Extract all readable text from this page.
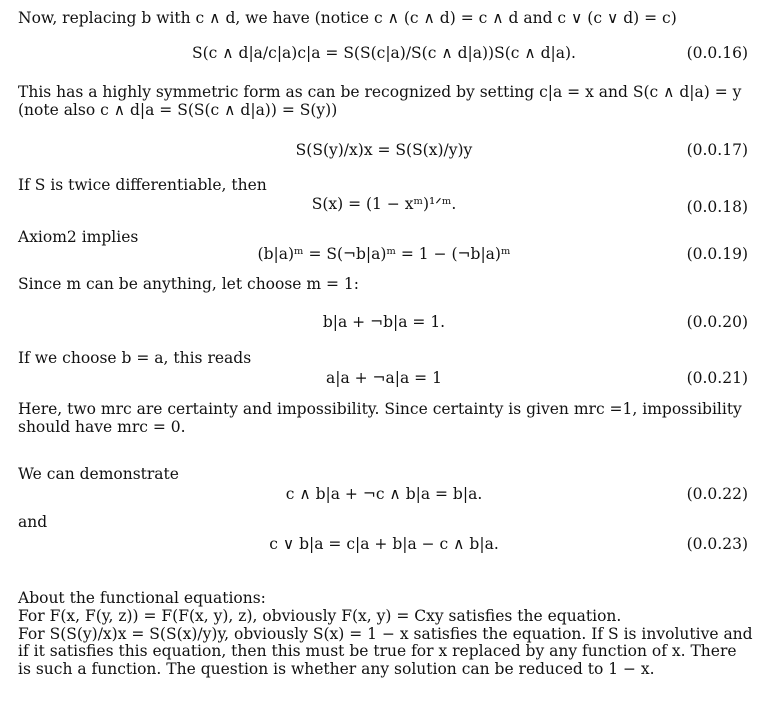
Now, replacing b with c ∧ d, we have (notice c ∧ (c ∧ d) = c ∧ d and c ∨ (c ∨ d) = c)

S(c ∧ d|a/c|a)c|a = S(S(c|a)/S(c ∧ d|a))S(c ∧ d|a).	(0.0.16)

This has a highly symmetric form as can be recognized by setting c|a = x and S(c ∧ d|a) = y (note also c ∧ d|a = S(S(c ∧ d|a)) = S(y))

S(S(y)/x)x = S(S(x)/y)y	(0.0.17)

If S is twice differentiable, then

S(x) = (1 − xᵐ)¹ᐟᵐ.	(0.0.18)

Axiom2 implies

(b|a)ᵐ = S(¬b|a)ᵐ = 1 − (¬b|a)ᵐ	(0.0.19)

Since m can be anything, let choose m = 1:

b|a + ¬b|a = 1.	(0.0.20)

If we choose b = a, this reads

a|a + ¬a|a = 1	(0.0.21)

Here, two mrc are certainty and impossibility. Since certainty is given mrc =1, impossibility should have mrc = 0.

We can demonstrate

c ∧ b|a + ¬c ∧ b|a = b|a.	(0.0.22)

and

c ∨ b|a = c|a + b|a − c ∧ b|a.	(0.0.23)

About the functional equations:
For F(x, F(y, z)) = F(F(x, y), z), obviously F(x, y) = Cxy satisfies the equation.
For S(S(y)/x)x = S(S(x)/y)y, obviously S(x) = 1 − x satisfies the equation. If S is involutive and if it satisfies this equation, then this must be true for x replaced by any function of x. There is such a function. The question is whether any solution can be reduced to 1 − x.
